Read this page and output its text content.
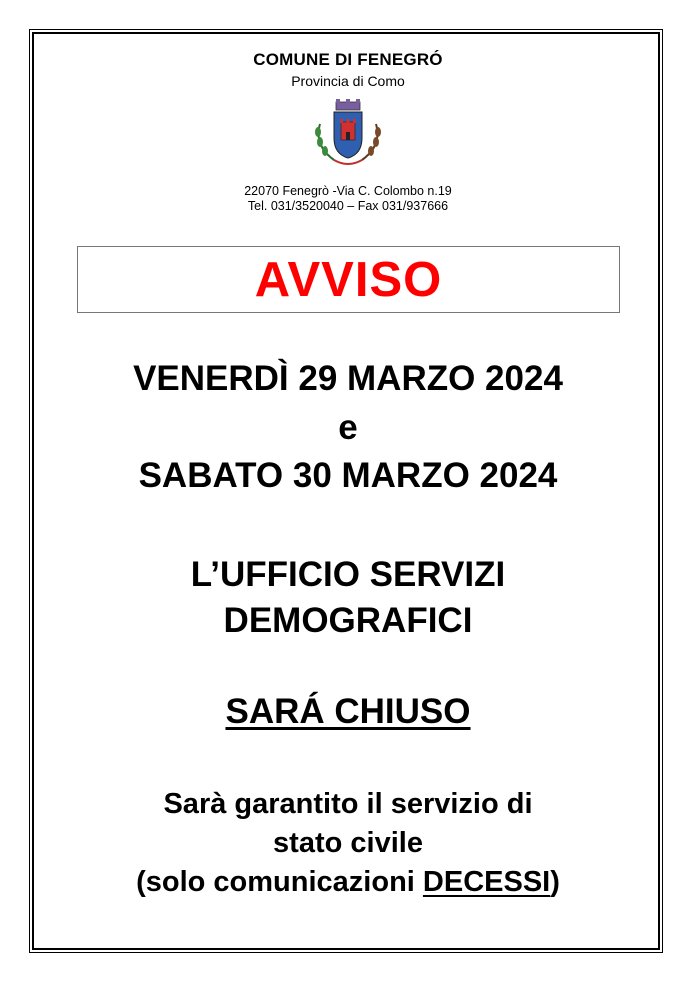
COMUNE DI FENEGRÓ
Provincia di Como
22070 Fenegrò -Via C. Colombo n.19
Tel. 031/3520040 – Fax 031/937666
AVVISO
VENERDÌ 29 MARZO 2024
e
SABATO 30 MARZO 2024
L’UFFICIO SERVIZI
DEMOGRAFICI
SARÁ CHIUSO
Sarà garantito il servizio di
stato civile
(solo comunicazioni DECESSI)
